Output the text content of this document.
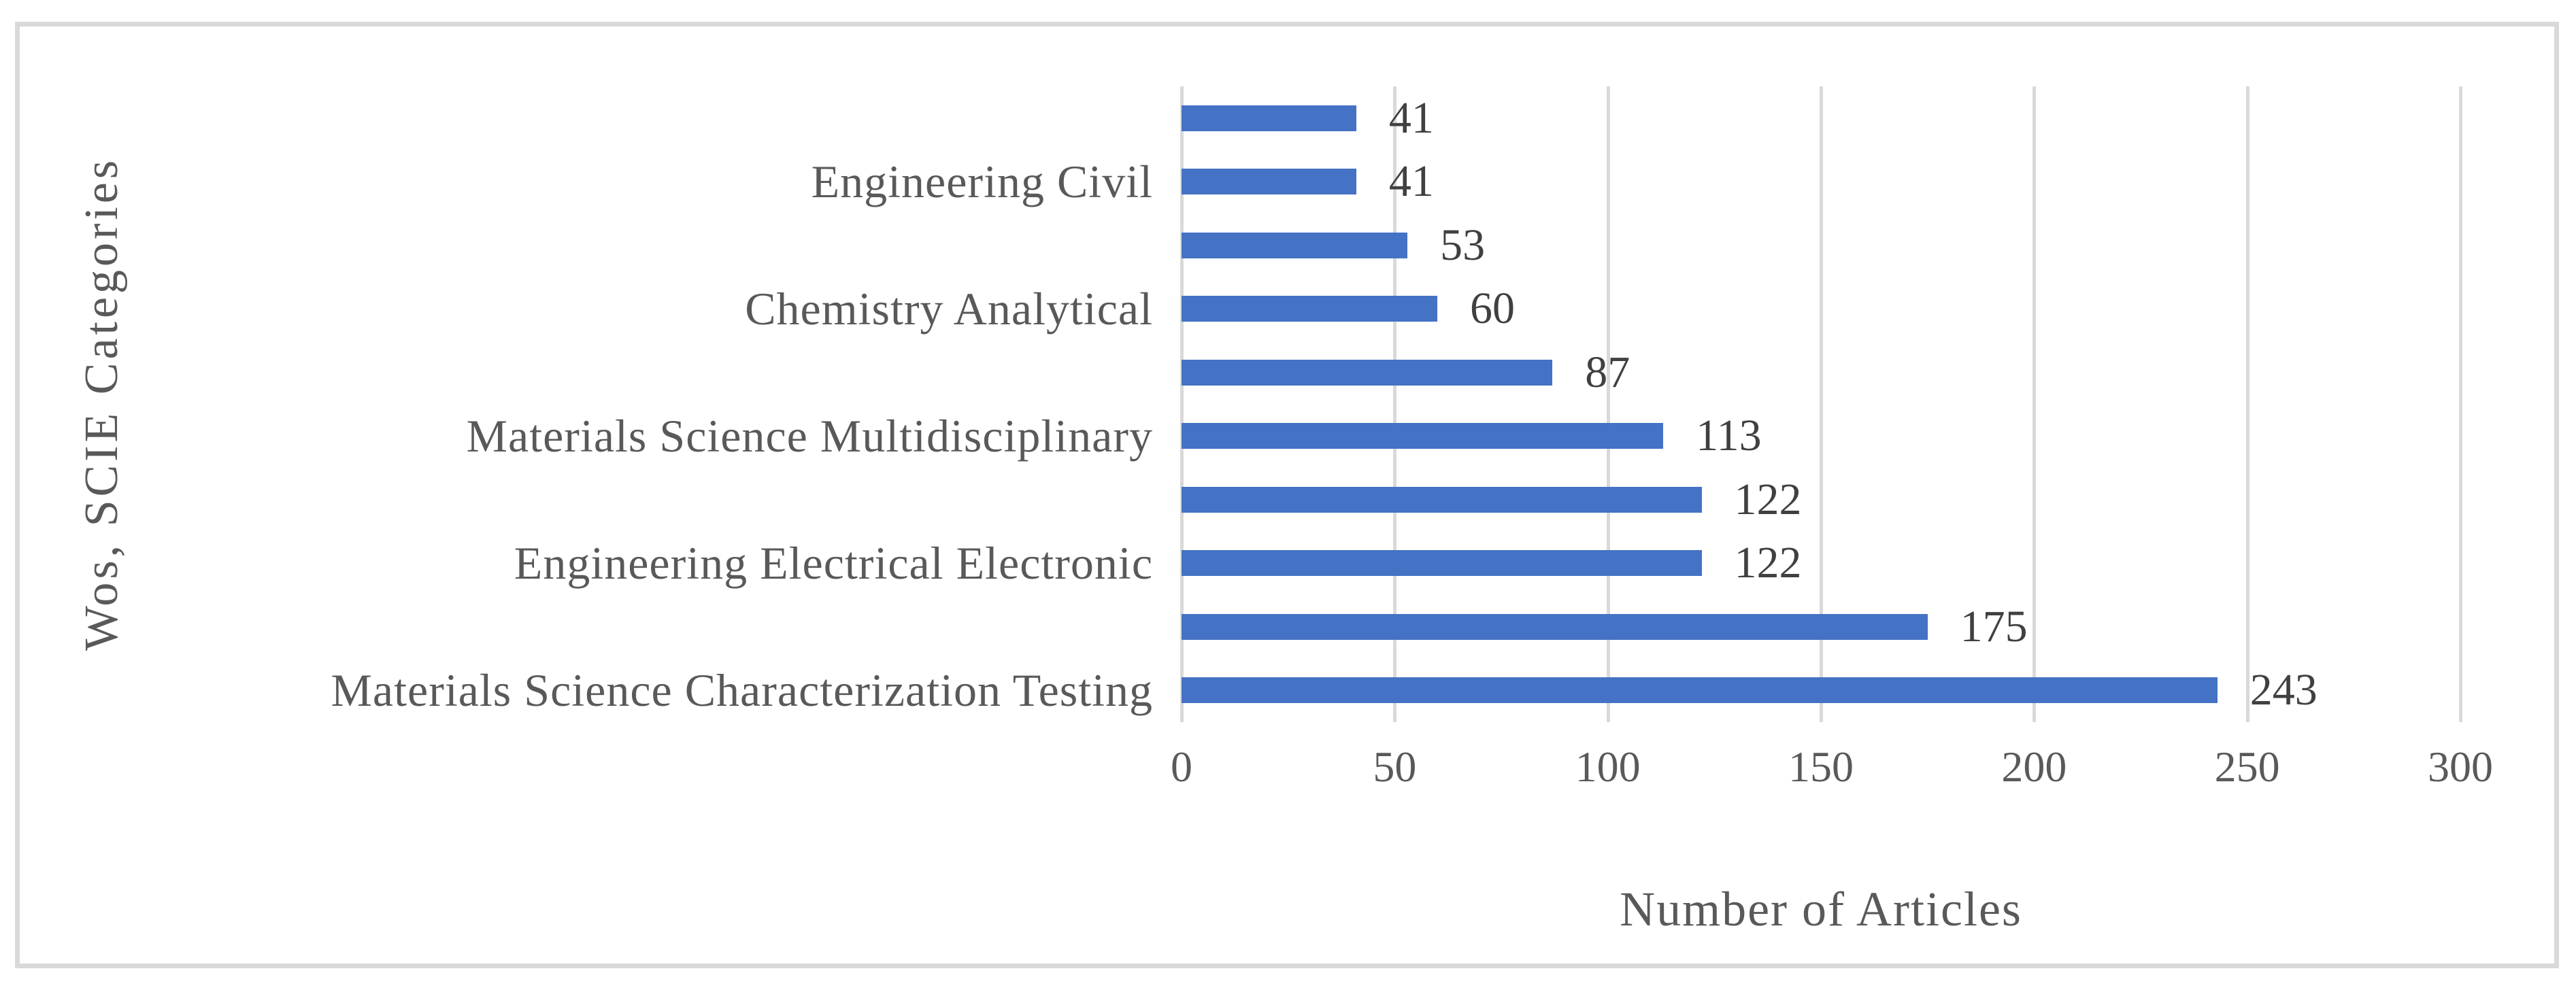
Wos, SCIE Categories	Engineering Civil
Chemistry Analytical
Materials Science Multidisciplinary
Engineering Electrical Electronic
Materials Science Characterization Testing
41
41
53
60
87
113
122
122
175
243
Number of Articles
0	50	100	150	200	250	300
